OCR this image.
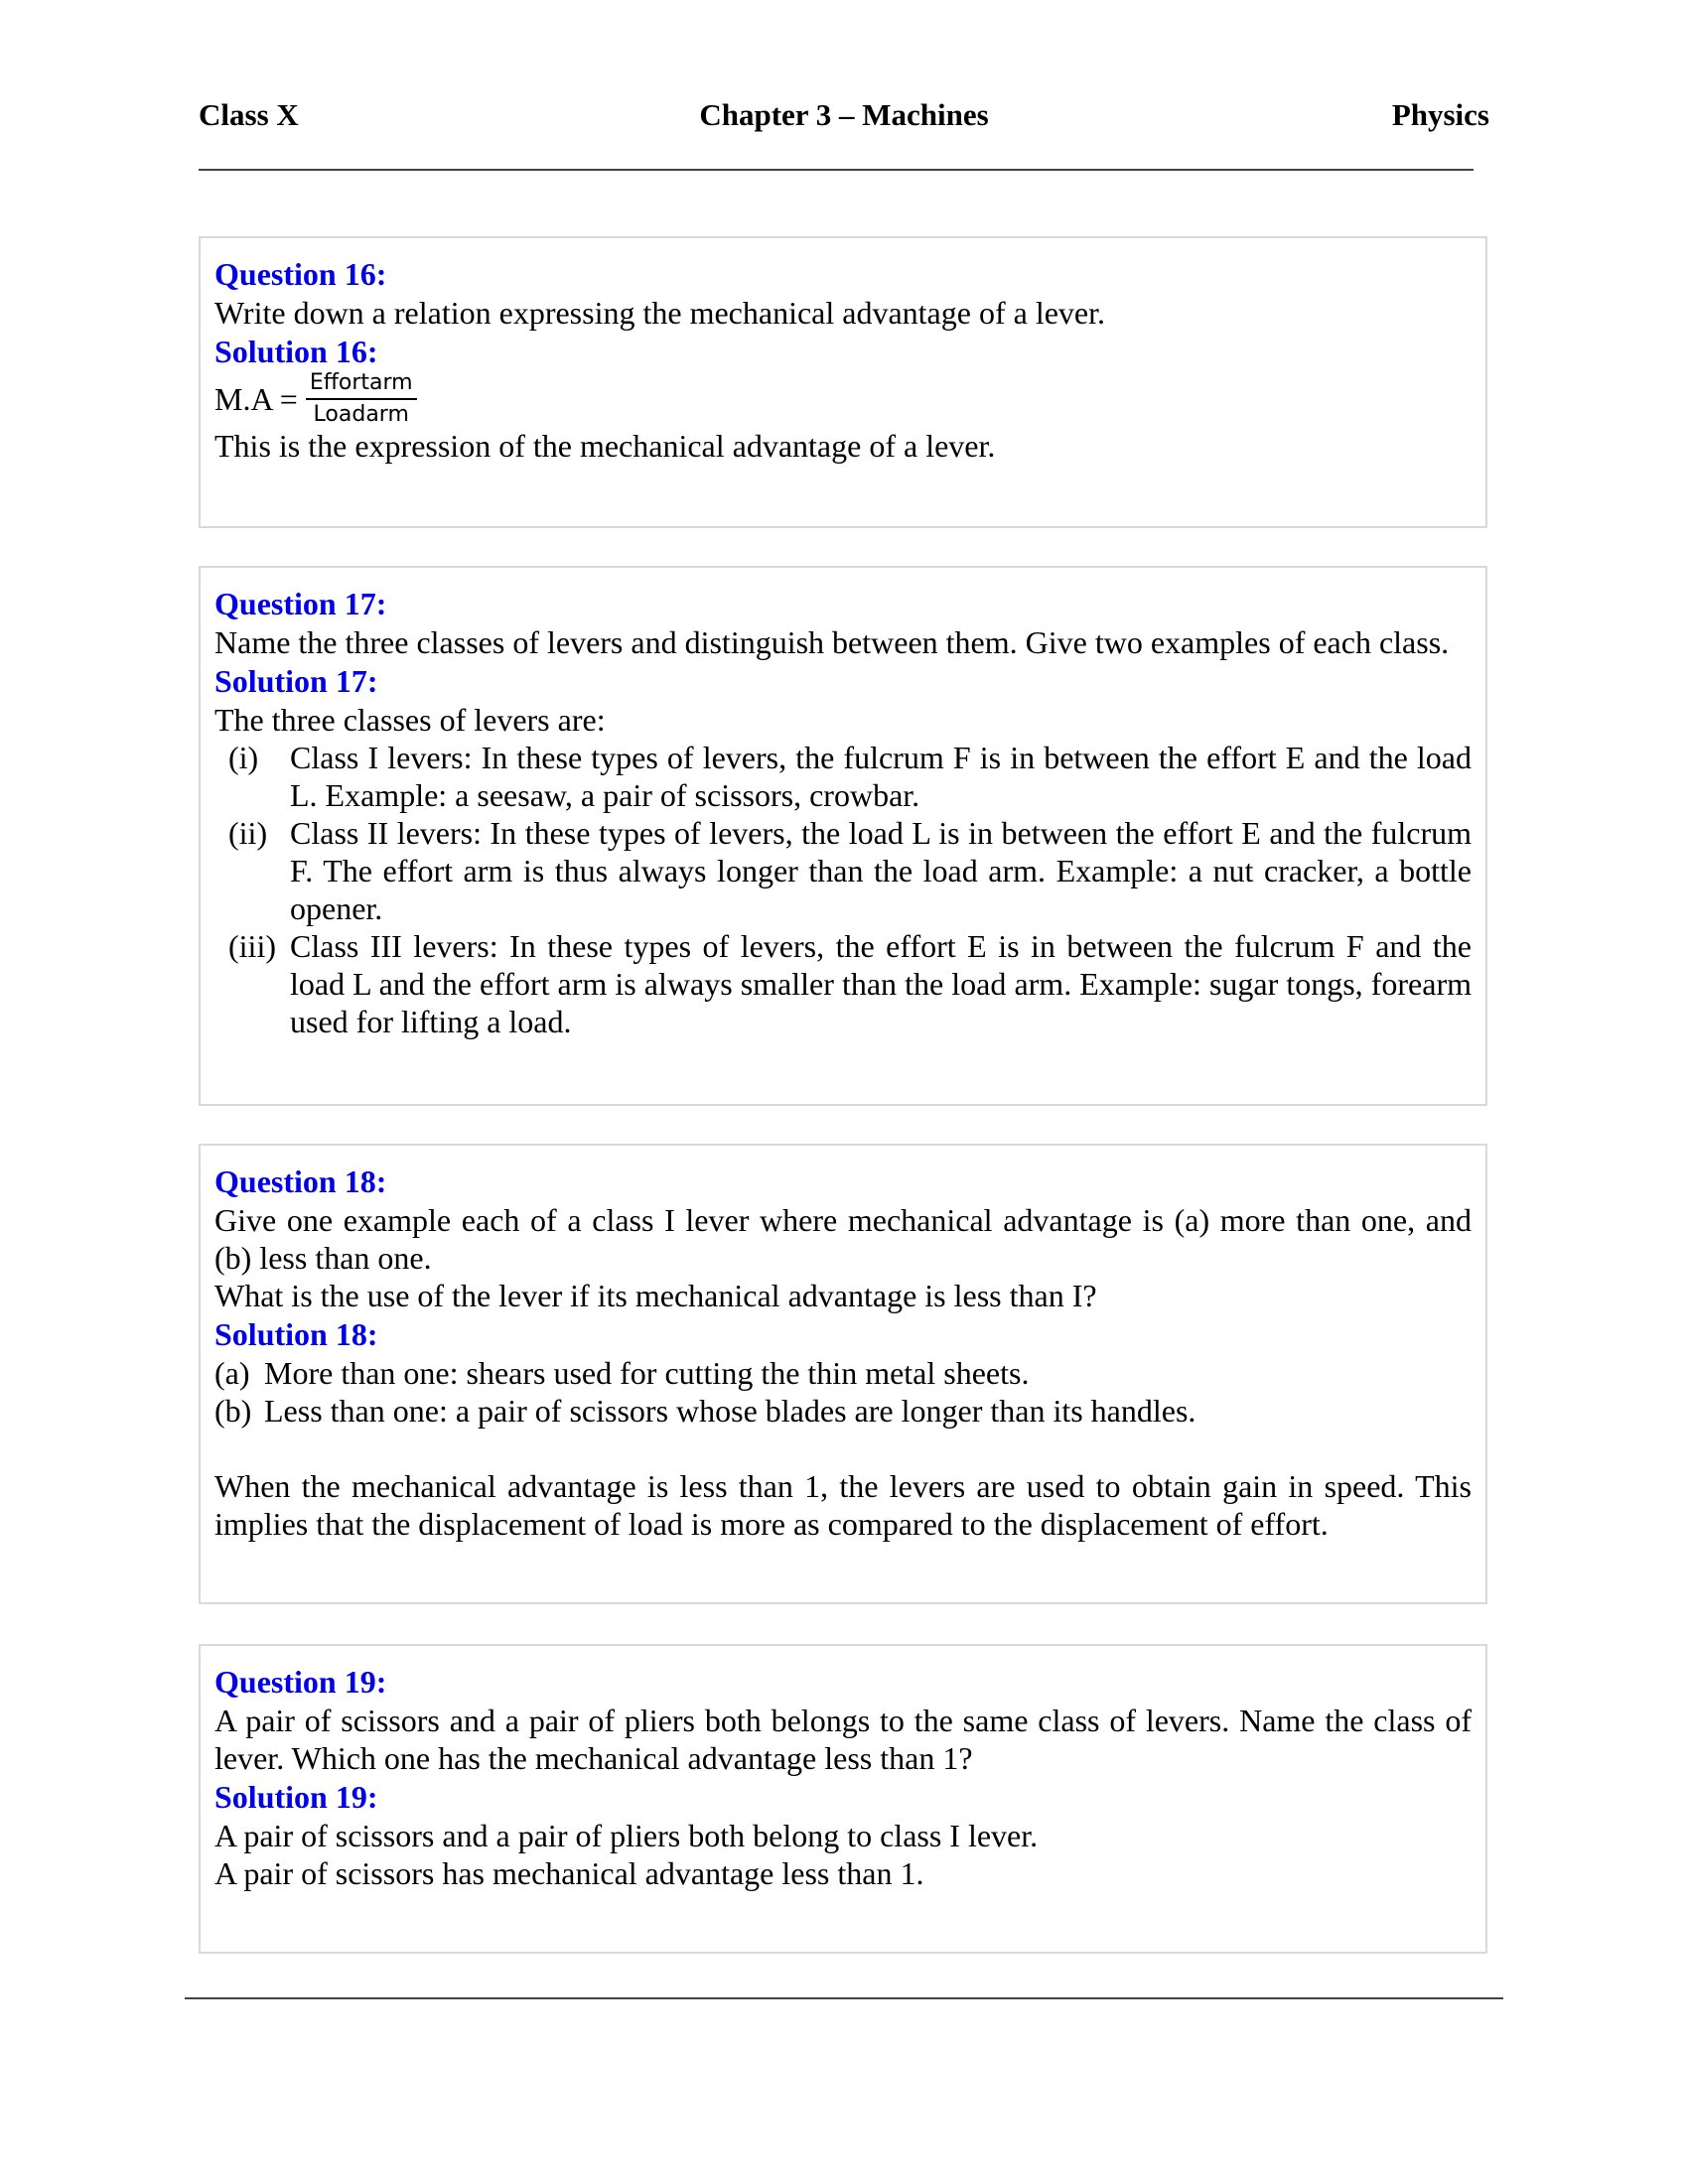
Chapter 3 – Machines
Class X	Physics
Question 16:
Write down a relation expressing the mechanical advantage of a lever.
Solution 16:
$M.A = \frac{\text{Effortarm}}{\text{Loadarm}}$
This is the expression of the mechanical advantage of a lever.
Question 17:
Name the three classes of levers and distinguish between them. Give two examples of each class.
Solution 17:
The three classes of levers are:
(i) Class I levers: In these types of levers, the fulcrum F is in between the effort E and the load L. Example: a seesaw, a pair of scissors, crowbar.
(ii) Class II levers: In these types of levers, the load L is in between the effort E and the fulcrum F. The effort arm is thus always longer than the load arm. Example: a nut cracker, a bottle opener.
(iii) Class III levers: In these types of levers, the effort E is in between the fulcrum F and the load L and the effort arm is always smaller than the load arm. Example: sugar tongs, forearm used for lifting a load.
Question 18:
Give one example each of a class I lever where mechanical advantage is (a) more than one, and (b) less than one.
What is the use of the lever if its mechanical advantage is less than I?
Solution 18:
(a) More than one: shears used for cutting the thin metal sheets.
(b) Less than one: a pair of scissors whose blades are longer than its handles.
When the mechanical advantage is less than 1, the levers are used to obtain gain in speed. This implies that the displacement of load is more as compared to the displacement of effort.
Question 19:
A pair of scissors and a pair of pliers both belongs to the same class of levers. Name the class of lever. Which one has the mechanical advantage less than 1?
Solution 19:
A pair of scissors and a pair of pliers both belong to class I lever.
A pair of scissors has mechanical advantage less than 1.
